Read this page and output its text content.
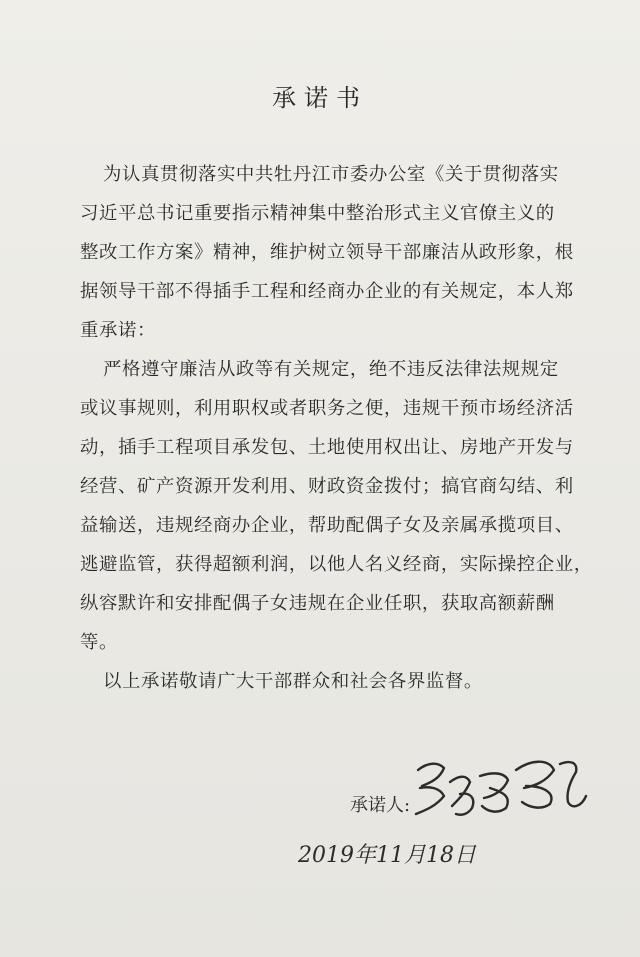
承诺书
为认真贯彻落实中共牡丹江市委办公室《关于贯彻落实
习近平总书记重要指示精神集中整治形式主义官僚主义的
整改工作方案》精神，维护树立领导干部廉洁从政形象，根
据领导干部不得插手工程和经商办企业的有关规定，本人郑
重承诺：
严格遵守廉洁从政等有关规定，绝不违反法律法规规定
或议事规则，利用职权或者职务之便，违规干预市场经济活
动，插手工程项目承发包、土地使用权出让、房地产开发与
经营、矿产资源开发利用、财政资金拨付；搞官商勾结、利
益输送，违规经商办企业，帮助配偶子女及亲属承揽项目、
逃避监管，获得超额利润，以他人名义经商，实际操控企业，
纵容默许和安排配偶子女违规在企业任职，获取高额薪酬
等。
以上承诺敬请广大干部群众和社会各界监督。
承诺人:
2019年11月18日
